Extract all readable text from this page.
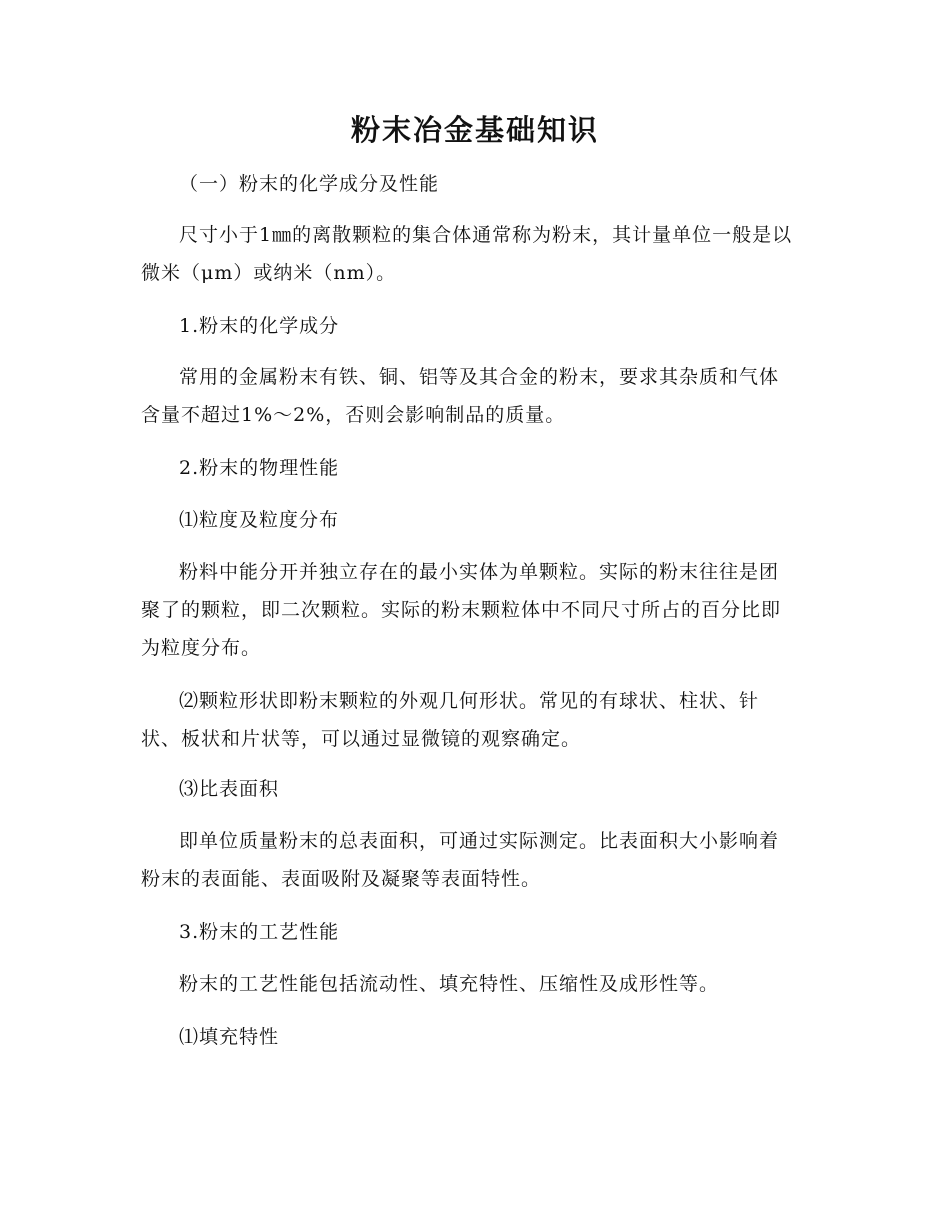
粉末冶金基础知识

（一）粉末的化学成分及性能

尺寸小于1㎜的离散颗粒的集合体通常称为粉末，其计量单位一般是以微米（μm）或纳米（nm）。

1.粉末的化学成分

常用的金属粉末有铁、铜、铝等及其合金的粉末，要求其杂质和气体含量不超过1%～2%，否则会影响制品的质量。

2.粉末的物理性能

⑴粒度及粒度分布

粉料中能分开并独立存在的最小实体为单颗粒。实际的粉末往往是团聚了的颗粒，即二次颗粒。实际的粉末颗粒体中不同尺寸所占的百分比即为粒度分布。

⑵颗粒形状即粉末颗粒的外观几何形状。常见的有球状、柱状、针状、板状和片状等，可以通过显微镜的观察确定。

⑶比表面积

即单位质量粉末的总表面积，可通过实际测定。比表面积大小影响着粉末的表面能、表面吸附及凝聚等表面特性。

3.粉末的工艺性能

粉末的工艺性能包括流动性、填充特性、压缩性及成形性等。

⑴填充特性
